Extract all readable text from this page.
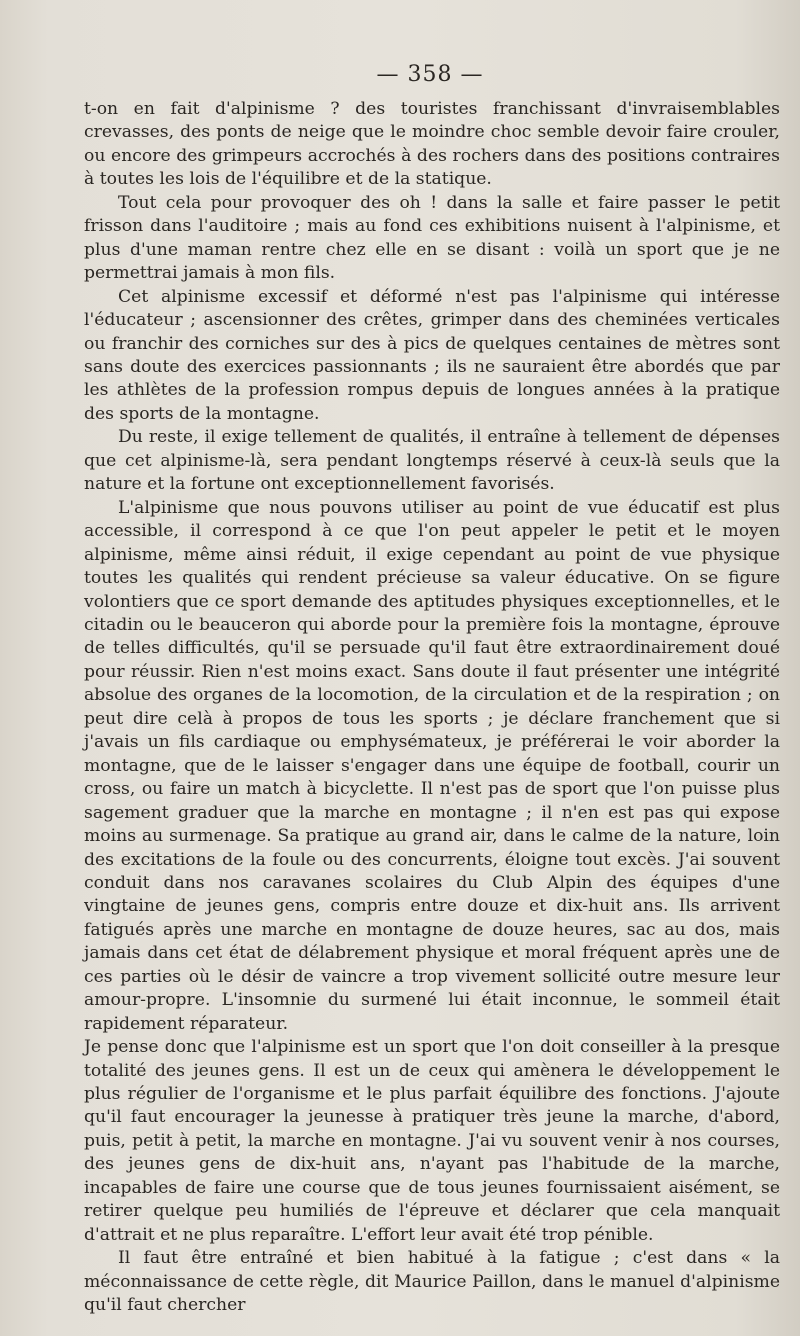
— 358 —

t-on en fait d'alpinisme ? des touristes franchissant d'invraisemblables crevasses, des ponts de neige que le moindre choc semble devoir faire crouler, ou encore des grimpeurs accrochés à des rochers dans des positions contraires à toutes les lois de l'équilibre et de la statique.

Tout cela pour provoquer des oh ! dans la salle et faire passer le petit frisson dans l'auditoire ; mais au fond ces exhibitions nuisent à l'alpinisme, et plus d'une maman rentre chez elle en se disant : voilà un sport que je ne permettrai jamais à mon fils.

Cet alpinisme excessif et déformé n'est pas l'alpinisme qui intéresse l'éducateur ; ascensionner des crêtes, grimper dans des cheminées verticales ou franchir des corniches sur des à pics de quelques centaines de mètres sont sans doute des exercices passionnants ; ils ne sauraient être abordés que par les athlètes de la profession rompus depuis de longues années à la pratique des sports de la montagne.

Du reste, il exige tellement de qualités, il entraîne à tellement de dépenses que cet alpinisme-là, sera pendant longtemps réservé à ceux-là seuls que la nature et la fortune ont exceptionnellement favorisés.

L'alpinisme que nous pouvons utiliser au point de vue éducatif est plus accessible, il correspond à ce que l'on peut appeler le petit et le moyen alpinisme, même ainsi réduit, il exige cependant au point de vue physique toutes les qualités qui rendent précieuse sa valeur éducative. On se figure volontiers que ce sport demande des aptitudes physiques exceptionnelles, et le citadin ou le beauceron qui aborde pour la première fois la montagne, éprouve de telles difficultés, qu'il se persuade qu'il faut être extraordinairement doué pour réussir. Rien n'est moins exact. Sans doute il faut présenter une intégrité absolue des organes de la locomotion, de la circulation et de la respiration ; on peut dire celà à propos de tous les sports ; je déclare franchement que si j'avais un fils cardiaque ou emphysémateux, je préférerai le voir aborder la montagne, que de le laisser s'engager dans une équipe de football, courir un cross, ou faire un match à bicyclette. Il n'est pas de sport que l'on puisse plus sagement graduer que la marche en montagne ; il n'en est pas qui expose moins au surmenage. Sa pratique au grand air, dans le calme de la nature, loin des excitations de la foule ou des concurrents, éloigne tout excès. J'ai souvent conduit dans nos caravanes scolaires du Club Alpin des équipes d'une vingtaine de jeunes gens, compris entre douze et dix-huit ans. Ils arrivent fatigués après une marche en montagne de douze heures, sac au dos, mais jamais dans cet état de délabrement physique et moral fréquent après une de ces parties où le désir de vaincre a trop vivement sollicité outre mesure leur amour-propre. L'insomnie du surmené lui était inconnue, le sommeil était rapidement réparateur.

Je pense donc que l'alpinisme est un sport que l'on doit conseiller à la presque totalité des jeunes gens. Il est un de ceux qui amènera le développement le plus régulier de l'organisme et le plus parfait équilibre des fonctions. J'ajoute qu'il faut encourager la jeunesse à pratiquer très jeune la marche, d'abord, puis, petit à petit, la marche en montagne. J'ai vu souvent venir à nos courses, des jeunes gens de dix-huit ans, n'ayant pas l'habitude de la marche, incapables de faire une course que de tous jeunes fournissaient aisément, se retirer quelque peu humiliés de l'épreuve et déclarer que cela manquait d'attrait et ne plus reparaître. L'effort leur avait été trop pénible.

Il faut être entraîné et bien habitué à la fatigue ; c'est dans « la méconnaissance de cette règle, dit Maurice Paillon, dans le manuel d'alpinisme qu'il faut chercher
